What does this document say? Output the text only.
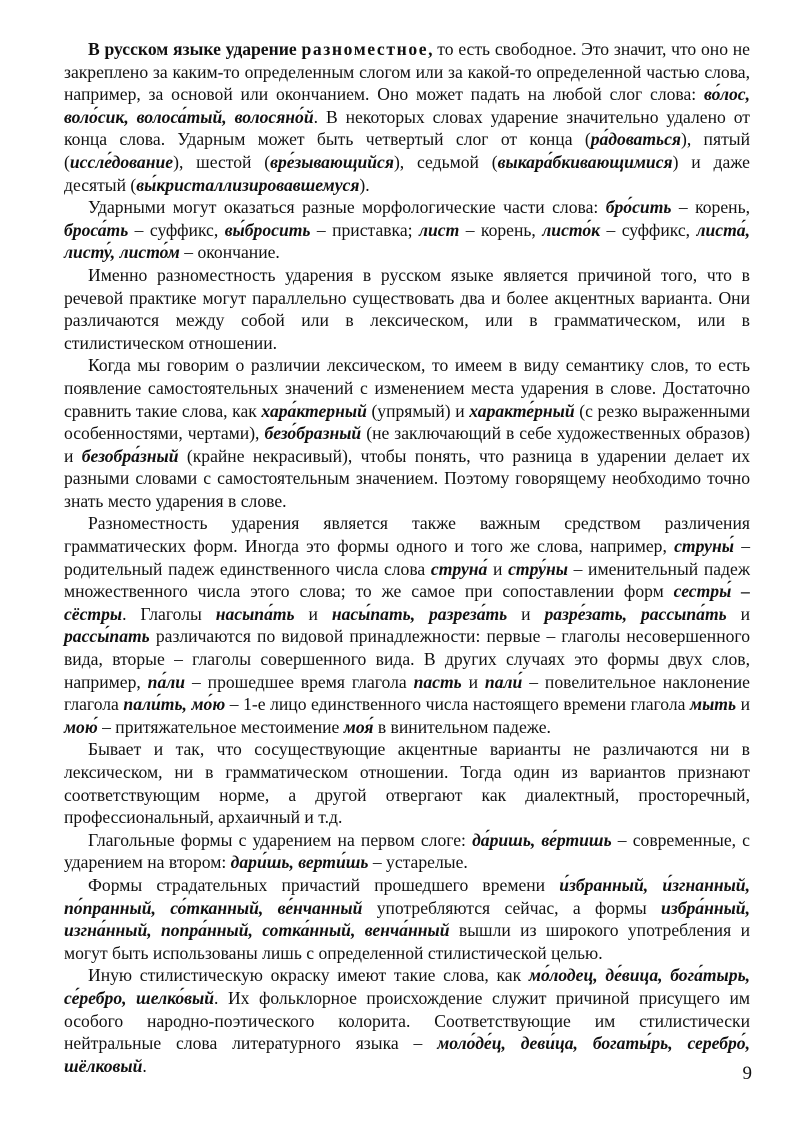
В русском языке ударение разноместное, то есть свободное. Это значит, что оно не закреплено за каким-то определенным слогом или за какой-то определенной частью слова, например, за основой или окончанием. Оно может падать на любой слог слова: во́лос, воло́сик, волоса́тый, волосяно́й. В некоторых словах ударение значительно удалено от конца слова. Ударным может быть четвертый слог от конца (ра́доваться), пятый (иссле́дование), шестой (вре́зывающийся), седьмой (выкара́бкивающимися) и даже десятый (вы́кристаллизировавшемуся).

Ударными могут оказаться разные морфологические части слова: бро́сить – корень, броса́ть – суффикс, вы́бросить – приставка; лист – корень, листо́к – суффикс, листа́, листу́, листо́м – окончание.

Именно разноместность ударения в русском языке является причиной того, что в речевой практике могут параллельно существовать два и более акцентных варианта. Они различаются между собой или в лексическом, или в грамматическом, или в стилистическом отношении.

Когда мы говорим о различии лексическом, то имеем в виду семантику слов, то есть появление самостоятельных значений с изменением места ударения в слове. Достаточно сравнить такие слова, как хара́ктерный (упрямый) и характе́рный (с резко выраженными особенностями, чертами), безо́бразный (не заключающий в себе художественных образов) и безобра́зный (крайне некрасивый), чтобы понять, что разница в ударении делает их разными словами с самостоятельным значением. Поэтому говорящему необходимо точно знать место ударения в слове.

Разноместность ударения является также важным средством различения грамматических форм. Иногда это формы одного и того же слова, например, струны́ – родительный падеж единственного числа слова струна́ и стру́ны – именительный падеж множественного числа этого слова; то же самое при сопоставлении форм сестры́ – сёстры. Глаголы насыпа́ть и насы́пать, разреза́ть и разре́зать, рассыпа́ть и рассы́пать различаются по видовой принадлежности: первые – глаголы несовершенного вида, вторые – глаголы совершенного вида. В других случаях это формы двух слов, например, па́ли – прошедшее время глагола пасть и пали́ – повелительное наклонение глагола пали́ть, мо́ю – 1-е лицо единственного числа настоящего времени глагола мыть и мою́ – притяжательное местоимение моя́ в винительном падеже.

Бывает и так, что сосуществующие акцентные варианты не различаются ни в лексическом, ни в грамматическом отношении. Тогда один из вариантов признают соответствующим норме, а другой отвергают как диалектный, просторечный, профессиональный, архаичный и т.д.

Глагольные формы с ударением на первом слоге: да́ришь, ве́ртишь – современные, с ударением на втором: дари́шь, верти́шь – устарелые.

Формы страдательных причастий прошедшего времени и́збранный, и́згнанный, по́пранный, со́тканный, ве́нчанный употребляются сейчас, а формы избра́нный, изгна́нный, попра́нный, сотка́нный, венча́нный вышли из широкого употребления и могут быть использованы лишь с определенной стилистической целью.

Иную стилистическую окраску имеют такие слова, как мо́лодец, де́вица, бога́тырь, се́ребро, шелко́вый. Их фольклорное происхождение служит причиной присущего им особого народно-поэтического колорита. Соответствующие им стилистически нейтральные слова литературного языка – моло́де́ц, деви́ца, богаты́рь, серебро́, шёлковый.	9
